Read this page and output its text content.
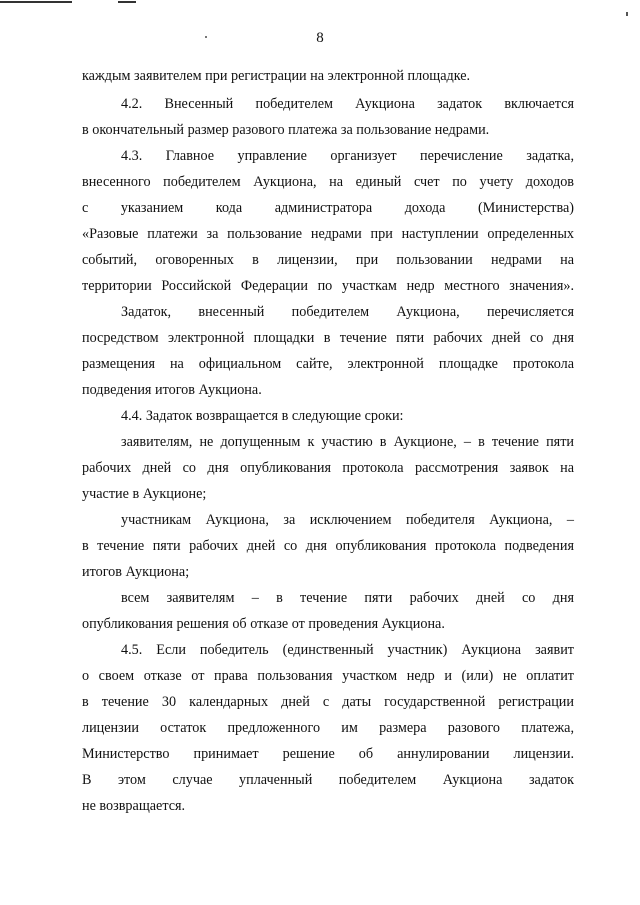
8
каждым заявителем при регистрации на электронной площадке.
4.2. Внесенный победителем Аукциона задаток включается
в окончательный размер разового платежа за пользование недрами.
4.3. Главное управление организует перечисление задатка,
внесенного победителем Аукциона, на единый счет по учету доходов
с указанием кода администратора дохода (Министерства)
«Разовые платежи за пользование недрами при наступлении определенных
событий, оговоренных в лицензии, при пользовании недрами на
территории Российской Федерации по участкам недр местного значения».
Задаток, внесенный победителем Аукциона, перечисляется
посредством электронной площадки в течение пяти рабочих дней со дня
размещения на официальном сайте, электронной площадке протокола
подведения итогов Аукциона.
4.4. Задаток возвращается в следующие сроки:
заявителям, не допущенным к участию в Аукционе, – в течение пяти
рабочих дней со дня опубликования протокола рассмотрения заявок на
участие в Аукционе;
участникам Аукциона, за исключением победителя Аукциона, –
в течение пяти рабочих дней со дня опубликования протокола подведения
итогов Аукциона;
всем заявителям – в течение пяти рабочих дней со дня
опубликования решения об отказе от проведения Аукциона.
4.5. Если победитель (единственный участник) Аукциона заявит
о своем отказе от права пользования участком недр и (или) не оплатит
в течение 30 календарных дней с даты государственной регистрации
лицензии остаток предложенного им размера разового платежа,
Министерство принимает решение об аннулировании лицензии.
В этом случае уплаченный победителем Аукциона задаток
не возвращается.
